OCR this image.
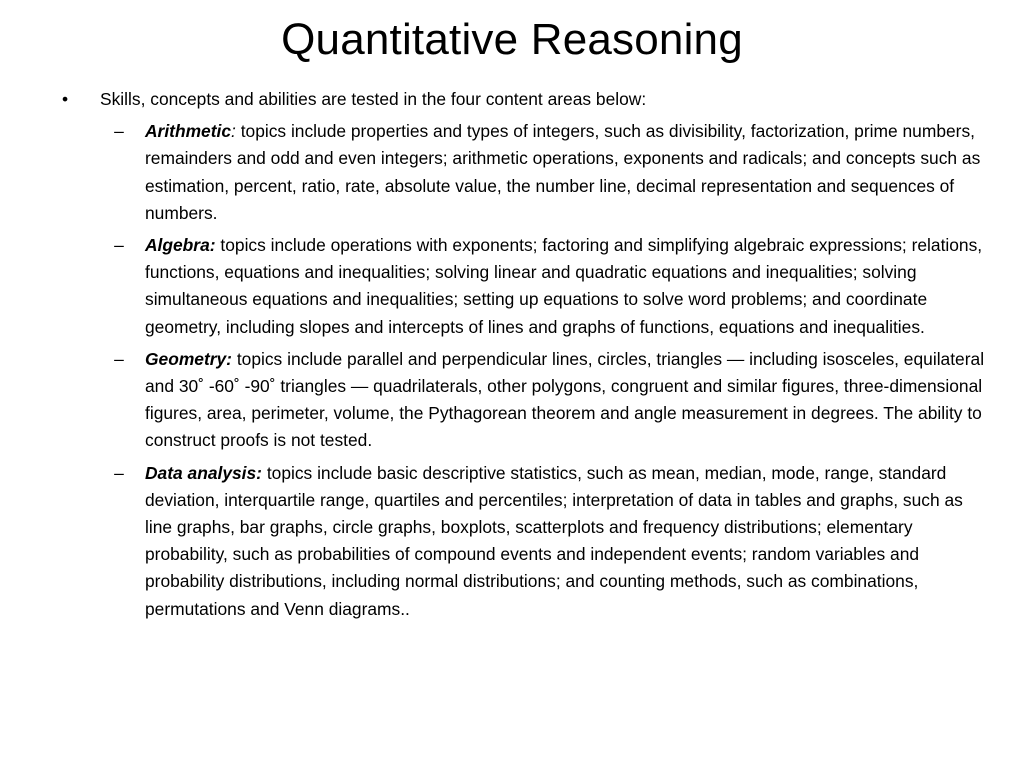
Quantitative Reasoning
• Skills, concepts and abilities are tested in the four content areas below:
– Arithmetic: topics include properties and types of integers, such as divisibility, factorization, prime numbers, remainders and odd and even integers; arithmetic operations, exponents and radicals; and concepts such as estimation, percent, ratio, rate, absolute value, the number line, decimal representation and sequences of numbers.
– Algebra: topics include operations with exponents; factoring and simplifying algebraic expressions; relations, functions, equations and inequalities; solving linear and quadratic equations and inequalities; solving simultaneous equations and inequalities; setting up equations to solve word problems; and coordinate geometry, including slopes and intercepts of lines and graphs of functions, equations and inequalities.
– Geometry: topics include parallel and perpendicular lines, circles, triangles — including isosceles, equilateral and 30˚ -60˚ -90˚ triangles — quadrilaterals, other polygons, congruent and similar figures, three-dimensional figures, area, perimeter, volume, the Pythagorean theorem and angle measurement in degrees. The ability to construct proofs is not tested.
– Data analysis: topics include basic descriptive statistics, such as mean, median, mode, range, standard deviation, interquartile range, quartiles and percentiles; interpretation of data in tables and graphs, such as line graphs, bar graphs, circle graphs, boxplots, scatterplots and frequency distributions; elementary probability, such as probabilities of compound events and independent events; random variables and probability distributions, including normal distributions; and counting methods, such as combinations, permutations and Venn diagrams..
